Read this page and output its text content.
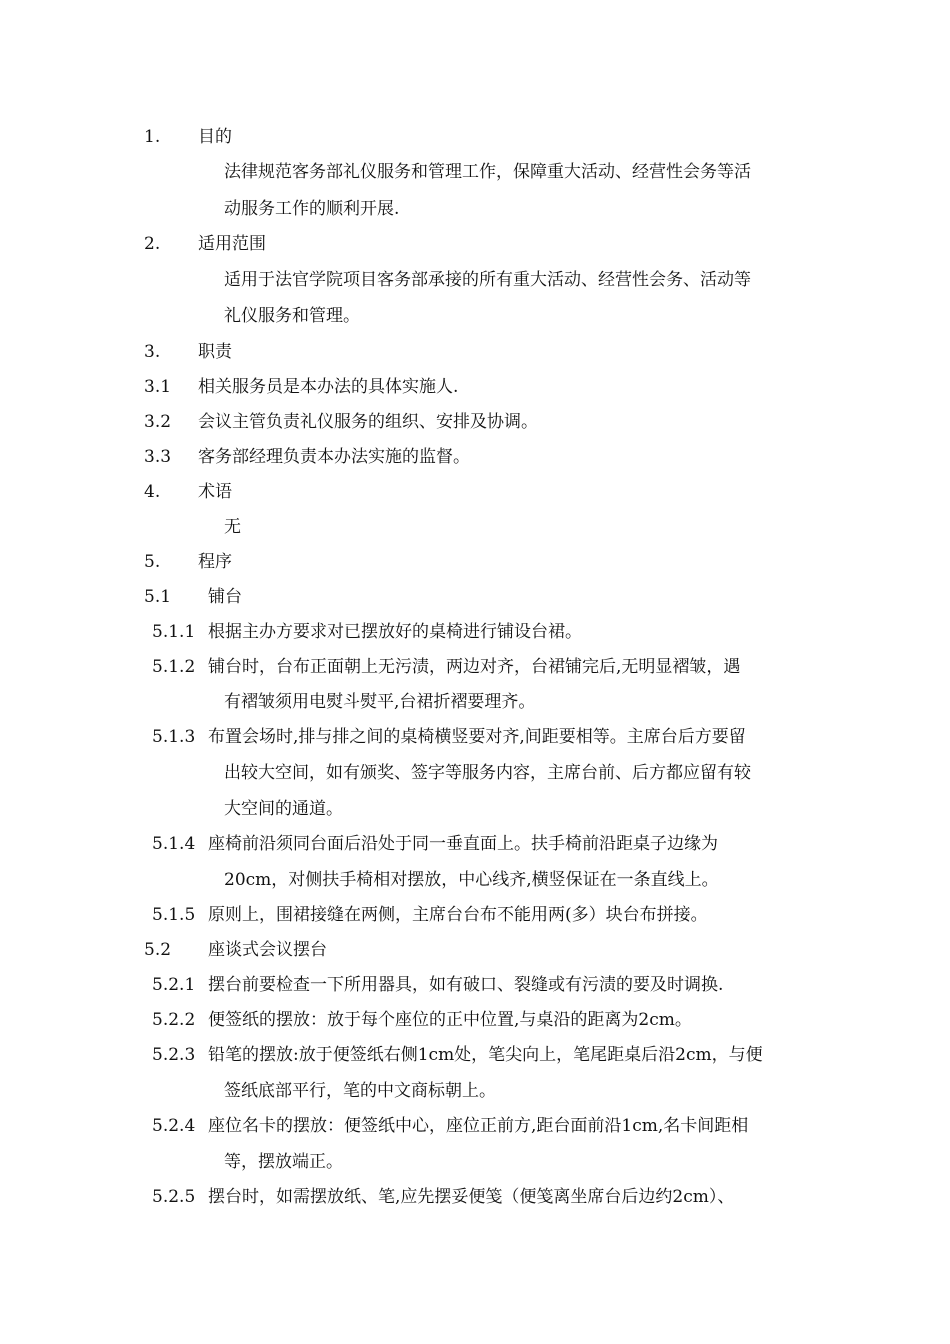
1. 目的
法律规范客务部礼仪服务和管理工作，保障重大活动、经营性会务等活
动服务工作的顺利开展.
2. 适用范围
适用于法官学院项目客务部承接的所有重大活动、经营性会务、活动等
礼仪服务和管理。
3. 职责
3.1 相关服务员是本办法的具体实施人.
3.2 会议主管负责礼仪服务的组织、安排及协调。
3.3 客务部经理负责本办法实施的监督。
4. 术语
无
5. 程序
5.1 铺台
5.1.1 根据主办方要求对已摆放好的桌椅进行铺设台裙。
5.1.2 铺台时，台布正面朝上无污渍，两边对齐，台裙铺完后,无明显褶皱，遇
有褶皱须用电熨斗熨平,台裙折褶要理齐。
5.1.3 布置会场时,排与排之间的桌椅横竖要对齐,间距要相等。主席台后方要留
出较大空间，如有颁奖、签字等服务内容，主席台前、后方都应留有较
大空间的通道。
5.1.4 座椅前沿须同台面后沿处于同一垂直面上。扶手椅前沿距桌子边缘为
20cm，对侧扶手椅相对摆放，中心线齐,横竖保证在一条直线上。
5.1.5 原则上，围裙接缝在两侧，主席台台布不能用两(多）块台布拼接。
5.2 座谈式会议摆台
5.2.1 摆台前要检查一下所用器具，如有破口、裂缝或有污渍的要及时调换.
5.2.2 便签纸的摆放：放于每个座位的正中位置,与桌沿的距离为2cm。
5.2.3 铅笔的摆放:放于便签纸右侧1cm处，笔尖向上，笔尾距桌后沿2cm，与便
签纸底部平行，笔的中文商标朝上。
5.2.4 座位名卡的摆放：便签纸中心，座位正前方,距台面前沿1cm,名卡间距相
等，摆放端正。
5.2.5 摆台时，如需摆放纸、笔,应先摆妥便笺（便笺离坐席台后边约2cm）、
